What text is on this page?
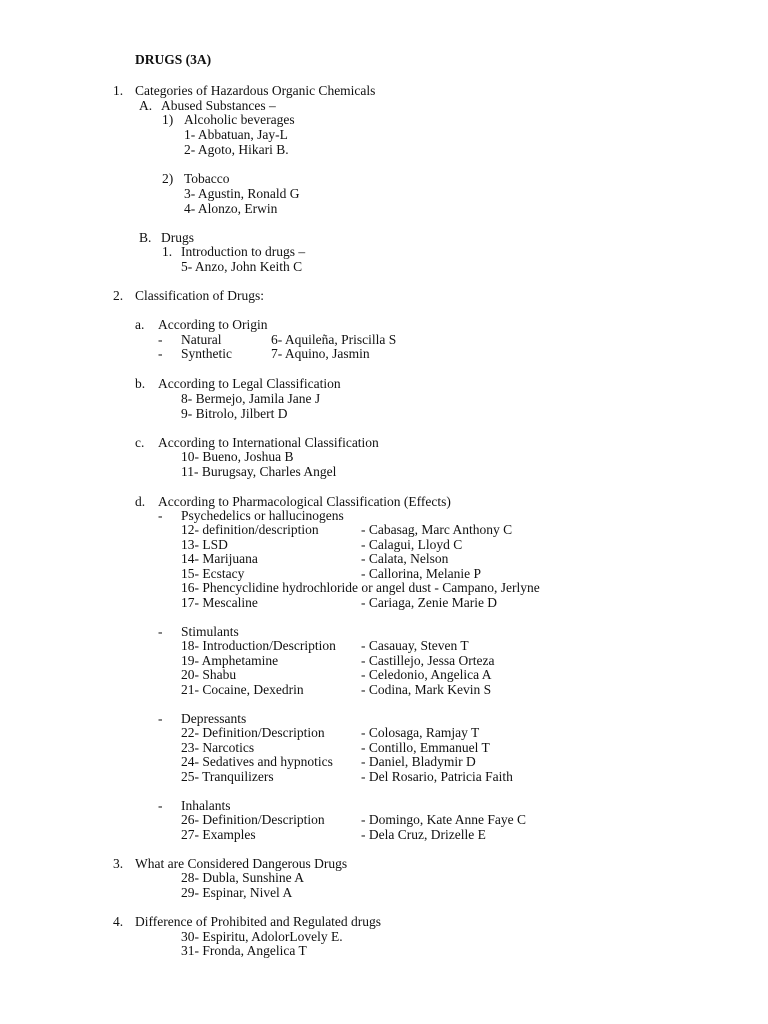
DRUGS (3A)
1. Categories of Hazardous Organic Chemicals
A. Abused Substances –
1) Alcoholic beverages
1- Abbatuan, Jay-L
2- Agoto, Hikari B.
2) Tobacco
3- Agustin, Ronald G
4- Alonzo, Erwin
B. Drugs
1. Introduction to drugs –
5- Anzo, John Keith C
2. Classification of Drugs:
a. According to Origin
- Natural	6- Aquileña, Priscilla S
- Synthetic	7- Aquino, Jasmin
b. According to Legal Classification
8- Bermejo, Jamila Jane J
9- Bitrolo, Jilbert D
c. According to International Classification
10- Bueno, Joshua B
11- Burugsay, Charles Angel
d. According to Pharmacological Classification (Effects)
- Psychedelics or hallucinogens
12- definition/description	- Cabasag, Marc Anthony C
13- LSD	- Calagui, Lloyd C
14- Marijuana	- Calata, Nelson
15- Ecstacy	- Callorina, Melanie P
16- Phencyclidine hydrochloride or angel dust - Campano, Jerlyne
17- Mescaline	- Cariaga, Zenie Marie D
- Stimulants
18- Introduction/Description - Casauay, Steven T
19- Amphetamine	- Castillejo, Jessa Orteza
20- Shabu	- Celedonio, Angelica A
21- Cocaine, Dexedrin	- Codina, Mark Kevin S
- Depressants
22- Definition/Description	- Colosaga, Ramjay T
23- Narcotics	- Contillo, Emmanuel T
24- Sedatives and hypnotics - Daniel, Bladymir D
25- Tranquilizers	- Del Rosario, Patricia Faith
- Inhalants
26- Definition/Description	- Domingo, Kate Anne Faye C
27- Examples	- Dela Cruz, Drizelle E
3. What are Considered Dangerous Drugs
28- Dubla, Sunshine A
29- Espinar, Nivel A
4. Difference of Prohibited and Regulated drugs
30- Espiritu, AdolorLovely E.
31- Fronda, Angelica T
